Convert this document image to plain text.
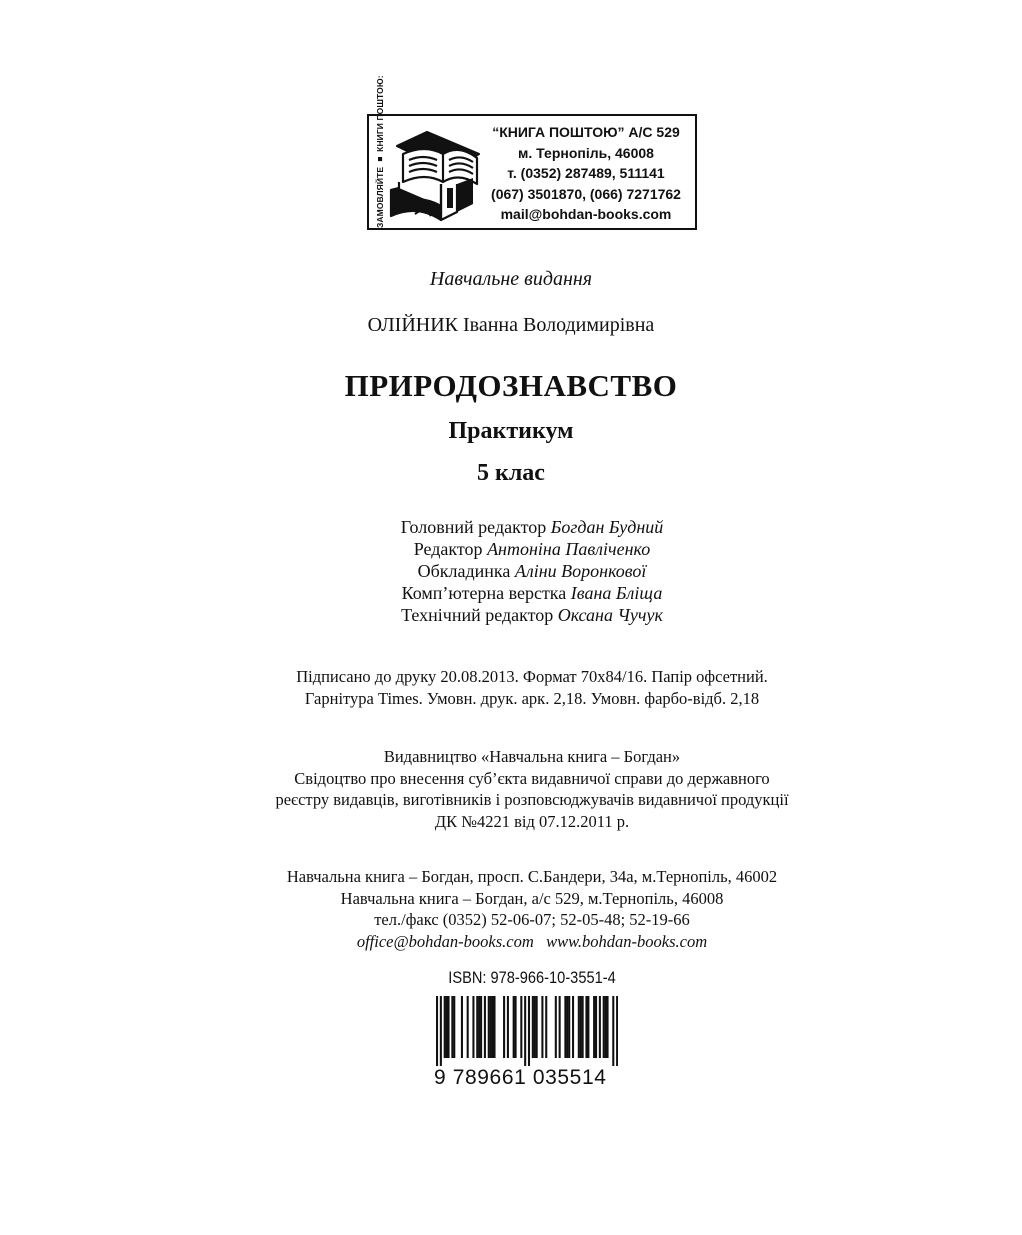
ЗАМОВЛЯЙТЕ ■ КНИГИ ПОШТОЮ:	“КНИГА ПОШТОЮ” А/С 529
м. Тернопіль, 46008
т. (0352) 287489, 511141
(067) 3501870, (066) 7271762
mail@bohdan-books.com
Навчальне видання
ОЛІЙНИК Іванна Володимирівна
ПРИРОДОЗНАВСТВО
Практикум
5 клас
Головний редактор Богдан Будний
Редактор Антоніна Павліченко
Обкладинка Аліни Воронкової
Комп’ютерна верстка Івана Бліща
Технічний редактор Оксана Чучук
Підписано до друку 20.08.2013. Формат 70х84/16. Папір офсетний.
Гарнітура Times. Умовн. друк. арк. 2,18. Умовн. фарбо-відб. 2,18
Видавництво «Навчальна книга – Богдан»
Свідоцтво про внесення суб’єкта видавничої справи до державного
реєстру видавців, виготівників і розповсюджувачів видавничої продукції
ДК №4221 від 07.12.2011 р.
Навчальна книга – Богдан, просп. С.Бандери, 34а, м.Тернопіль, 46002
Навчальна книга – Богдан, а/с 529, м.Тернопіль, 46008
тел./факс (0352) 52-06-07; 52-05-48; 52-19-66
office@bohdan-books.com www.bohdan-books.com
ISBN: 978-966-10-3551-4
9 789661 035514
